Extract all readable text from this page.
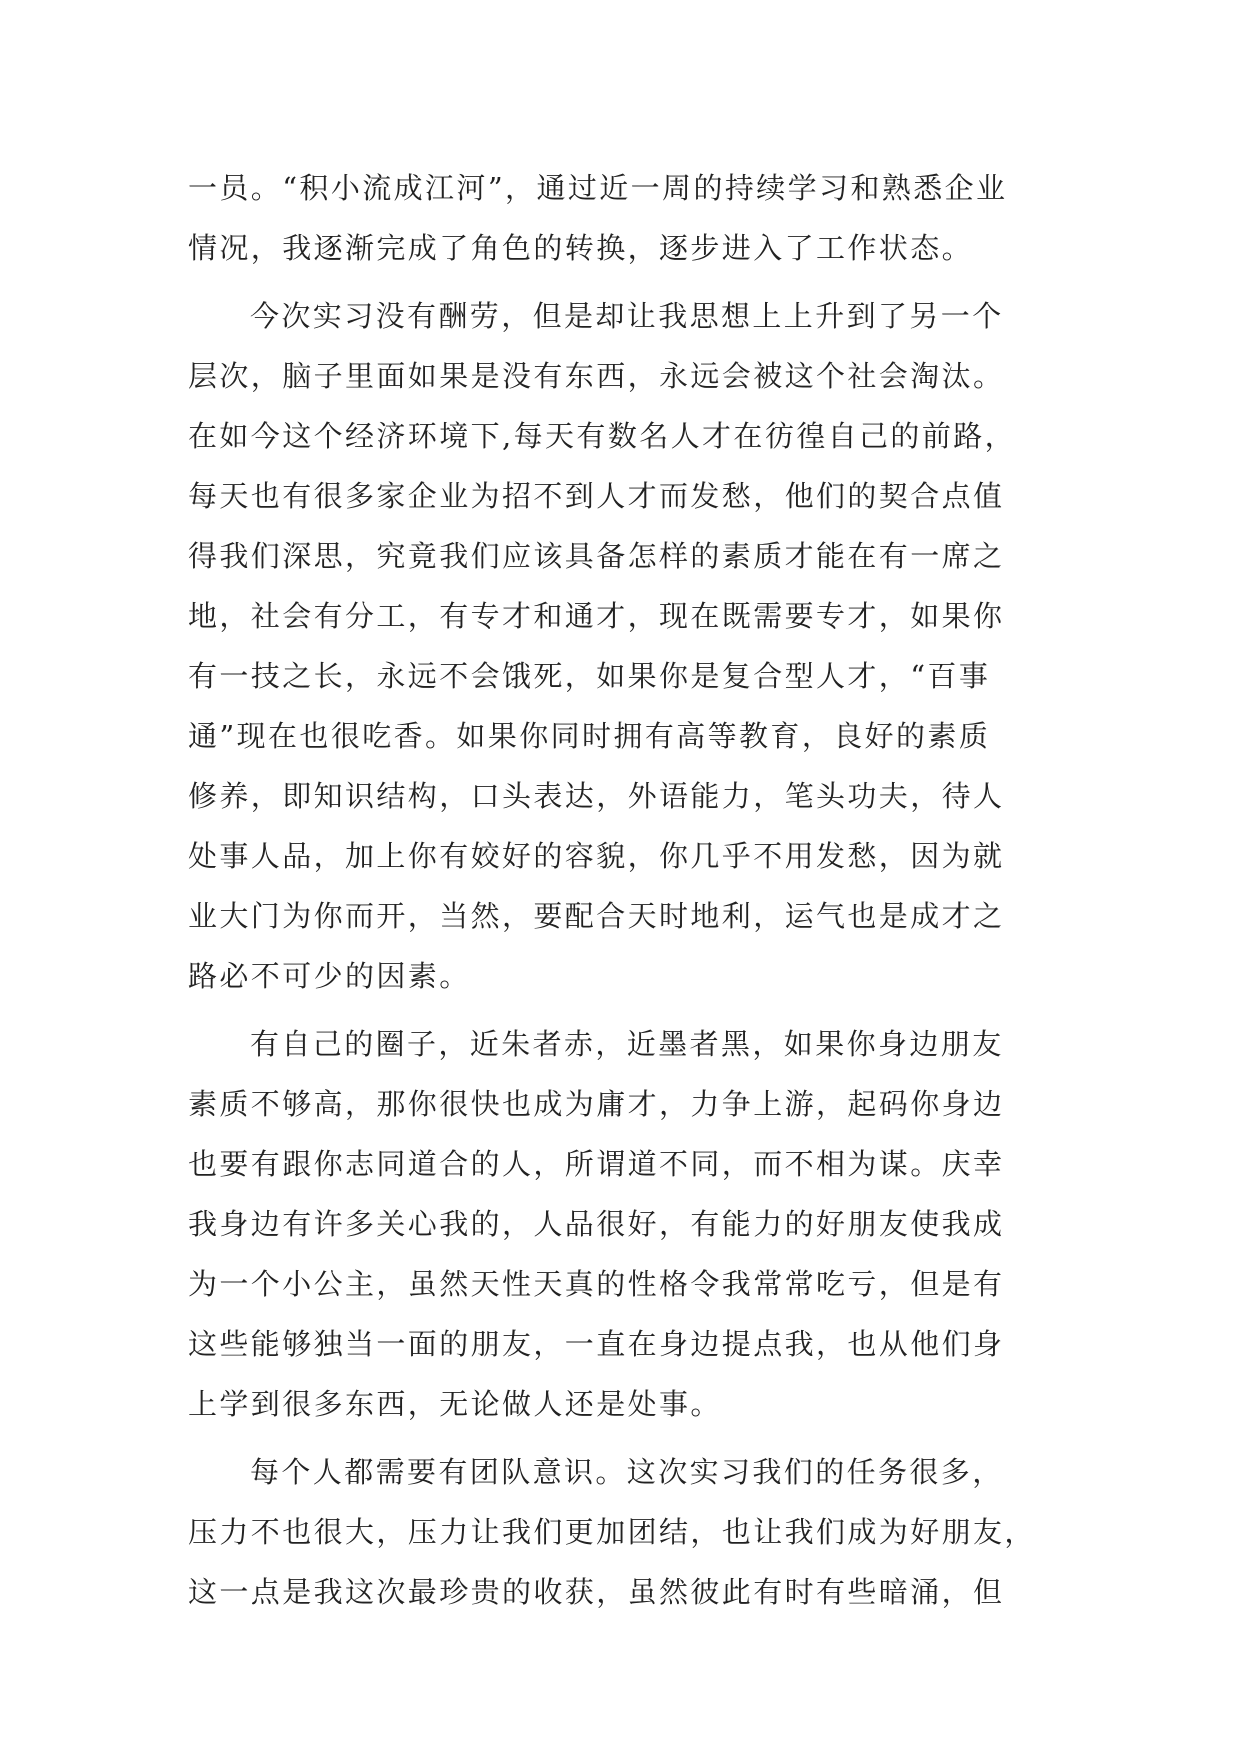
一员。“积小流成江河”，通过近一周的持续学习和熟悉企业
情况，我逐渐完成了角色的转换，逐步进入了工作状态。
今次实习没有酬劳，但是却让我思想上上升到了另一个
层次，脑子里面如果是没有东西，永远会被这个社会淘汰。
在如今这个经济环境下,每天有数名人才在彷徨自己的前路，
每天也有很多家企业为招不到人才而发愁，他们的契合点值
得我们深思，究竟我们应该具备怎样的素质才能在有一席之
地，社会有分工，有专才和通才，现在既需要专才，如果你
有一技之长，永远不会饿死，如果你是复合型人才，“百事
通”现在也很吃香。如果你同时拥有高等教育，良好的素质
修养，即知识结构，口头表达，外语能力，笔头功夫，待人
处事人品，加上你有姣好的容貌，你几乎不用发愁，因为就
业大门为你而开，当然，要配合天时地利，运气也是成才之
路必不可少的因素。
有自己的圈子，近朱者赤，近墨者黑，如果你身边朋友
素质不够高，那你很快也成为庸才，力争上游，起码你身边
也要有跟你志同道合的人，所谓道不同，而不相为谋。庆幸
我身边有许多关心我的，人品很好，有能力的好朋友使我成
为一个小公主，虽然天性天真的性格令我常常吃亏，但是有
这些能够独当一面的朋友，一直在身边提点我，也从他们身
上学到很多东西，无论做人还是处事。
每个人都需要有团队意识。这次实习我们的任务很多，
压力不也很大，压力让我们更加团结，也让我们成为好朋友，
这一点是我这次最珍贵的收获，虽然彼此有时有些暗涌，但
